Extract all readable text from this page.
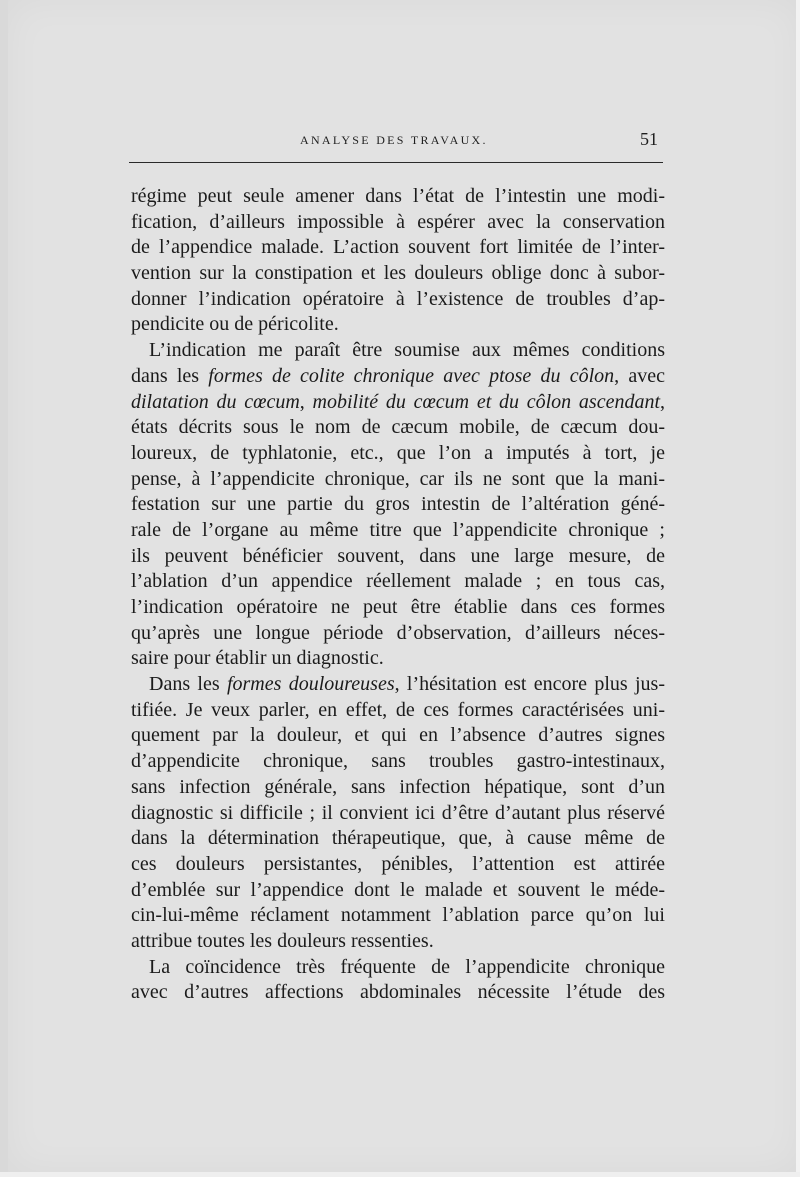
ANALYSE DES TRAVAUX.	51
régime peut seule amener dans l’état de l’intestin une modi-
fication, d’ailleurs impossible à espérer avec la conservation
de l’appendice malade. L’action souvent fort limitée de l’inter-
vention sur la constipation et les douleurs oblige donc à subor-
donner l’indication opératoire à l’existence de troubles d’ap-
pendicite ou de péricolite.
L’indication me paraît être soumise aux mêmes conditions
dans les formes de colite chronique avec ptose du côlon, avec
dilatation du cœcum, mobilité du cœcum et du côlon ascendant,
états décrits sous le nom de cæcum mobile, de cæcum dou-
loureux, de typhlatonie, etc., que l’on a imputés à tort, je
pense, à l’appendicite chronique, car ils ne sont que la mani-
festation sur une partie du gros intestin de l’altération géné-
rale de l’organe au même titre que l’appendicite chronique ;
ils peuvent bénéficier souvent, dans une large mesure, de
l’ablation d’un appendice réellement malade ; en tous cas,
l’indication opératoire ne peut être établie dans ces formes
qu’après une longue période d’observation, d’ailleurs néces-
saire pour établir un diagnostic.
Dans les formes douloureuses, l’hésitation est encore plus jus-
tifiée. Je veux parler, en effet, de ces formes caractérisées uni-
quement par la douleur, et qui en l’absence d’autres signes
d’appendicite chronique, sans troubles gastro-intestinaux,
sans infection générale, sans infection hépatique, sont d’un
diagnostic si difficile ; il convient ici d’être d’autant plus réservé
dans la détermination thérapeutique, que, à cause même de
ces douleurs persistantes, pénibles, l’attention est attirée
d’emblée sur l’appendice dont le malade et souvent le méde-
cin-lui-même réclament notamment l’ablation parce qu’on lui
attribue toutes les douleurs ressenties.
La coïncidence très fréquente de l’appendicite chronique
avec d’autres affections abdominales nécessite l’étude des
